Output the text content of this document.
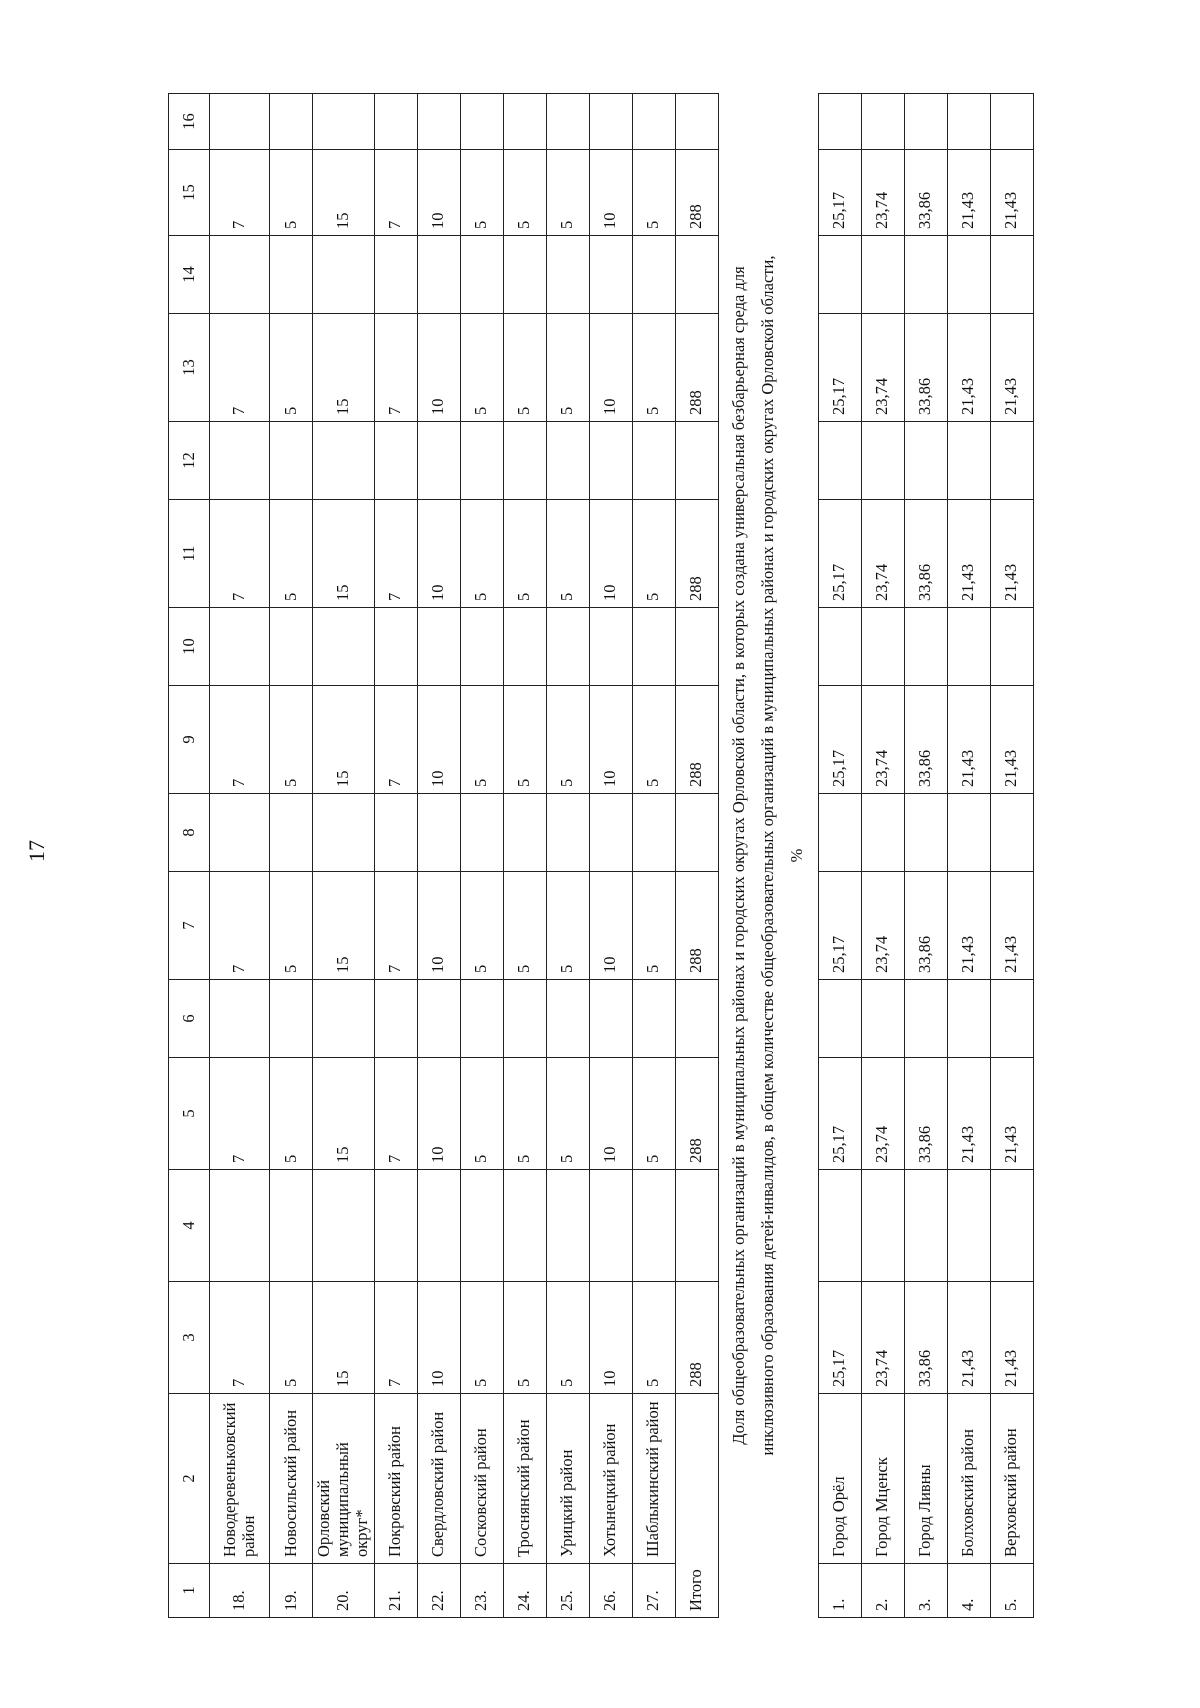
17
1	2	3	4	5	6	7	8	9	10	11	12	13	14	15	16
18.	Новодеревеньковский район	7		7		7		7		7		7		7	
19.	Новосильский район	5		5		5		5		5		5		5	
20.	Орловский муниципальный округ*	15		15		15		15		15		15		15	
21.	Покровский район	7		7		7		7		7		7		7	
22.	Свердловский район	10		10		10		10		10		10		10	
23.	Сосковский район	5		5		5		5		5		5		5	
24.	Троснянский район	5		5		5		5		5		5		5	
25.	Урицкий район	5		5		5		5		5		5		5	
26.	Хотынецкий район	10		10		10		10		10		10		10	
27.	Шаблыкинский район	5		5		5		5		5		5		5	
Итого		288		288		288		288		288		288		288	

Доля общеобразовательных организаций в муниципальных районах и городских округах Орловской области, в которых создана универсальная безбарьерная среда для инклюзивного образования детей-инвалидов, в общем количестве общеобразовательных организаций в муниципальных районах и городских округах Орловской области, %															

1.	Город Орёл	25,17		25,17		25,17		25,17		25,17		25,17		25,17	
2.	Город Мценск	23,74		23,74		23,74		23,74		23,74		23,74		23,74	
3.	Город Ливны	33,86		33,86		33,86		33,86		33,86		33,86		33,86	
4.	Болховский район	21,43		21,43		21,43		21,43		21,43		21,43		21,43	
5.	Верховский район	21,43		21,43		21,43		21,43		21,43		21,43		21,43	
